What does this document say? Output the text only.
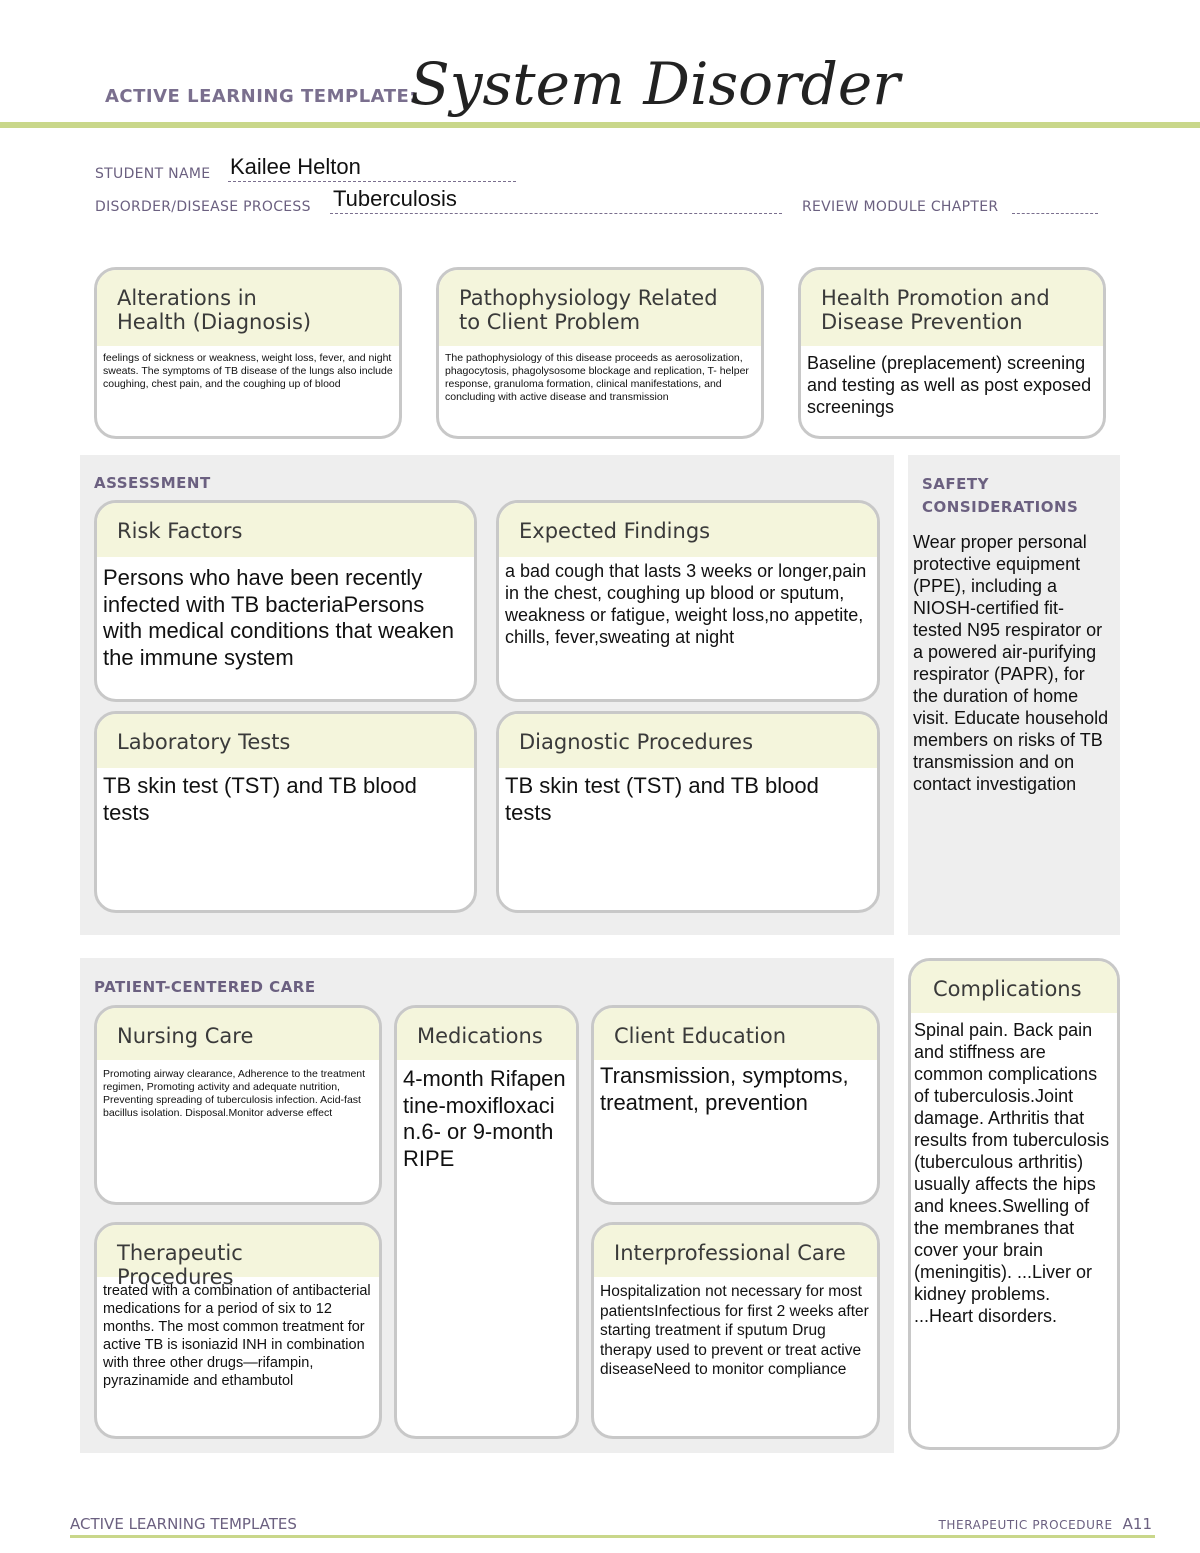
ACTIVE LEARNING TEMPLATE:
System Disorder
STUDENT NAME Kailee Helton
DISORDER/DISEASE PROCESS Tuberculosis	REVIEW MODULE CHAPTER
Alterations in
Health (Diagnosis)
feelings of sickness or weakness, weight loss, fever, and night sweats. The symptoms of TB disease of the lungs also include coughing, chest pain, and the coughing up of blood
Pathophysiology Related
to Client Problem
The pathophysiology of this disease proceeds as aerosolization, phagocytosis, phagolysosome blockage and replication, T- helper response, granuloma formation, clinical manifestations, and concluding with active disease and transmission
Health Promotion and
Disease Prevention
Baseline (preplacement) screening and testing as well as post exposed screenings
ASSESSMENT
Risk Factors
Persons who have been recently infected with TB bacteriaPersons with medical conditions that weaken the immune system
Expected Findings
a bad cough that lasts 3 weeks or longer,pain in the chest, coughing up blood or sputum, weakness or fatigue, weight loss,no appetite, chills, fever,sweating at night
Laboratory Tests
TB skin test (TST) and TB blood tests
Diagnostic Procedures
TB skin test (TST) and TB blood tests
SAFETY
CONSIDERATIONS
Wear proper personal protective equipment (PPE), including a NIOSH-certified fit-tested N95 respirator or a powered air-purifying respirator (PAPR), for the duration of home visit. Educate household members on risks of TB transmission and on contact investigation
PATIENT-CENTERED CARE
Nursing Care
Promoting airway clearance, Adherence to the treatment regimen, Promoting activity and adequate nutrition, Preventing spreading of tuberculosis infection. Acid-fast bacillus isolation. Disposal.Monitor adverse effect
Medications
4-month Rifapentine-moxifloxacin.6- or 9-month RIPE
Client Education
Transmission, symptoms, treatment, prevention
Therapeutic Procedures
treated with a combination of antibacterial medications for a period of six to 12 months. The most common treatment for active TB is isoniazid INH in combination with three other drugs—rifampin, pyrazinamide and ethambutol
Interprofessional Care
Hospitalization not necessary for most patientsInfectious for first 2 weeks after starting treatment if sputum Drug therapy used to prevent or treat active diseaseNeed to monitor compliance
Complications
Spinal pain. Back pain and stiffness are common complications of tuberculosis.Joint damage. Arthritis that results from tuberculosis (tuberculous arthritis) usually affects the hips and knees.Swelling of the membranes that cover your brain (meningitis). ...Liver or kidney problems. ...Heart disorders.
ACTIVE LEARNING TEMPLATES	THERAPEUTIC PROCEDURE A11
